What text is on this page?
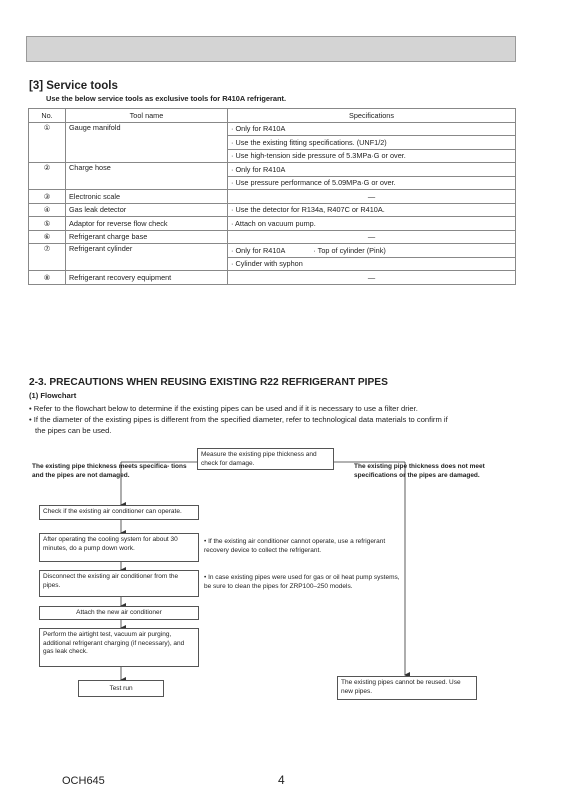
[3] Service tools
Use the below service tools as exclusive tools for R410A refrigerant.
No.	Tool name	Specifications
①	Gauge manifold	· Only for R410A
		· Use the existing fitting specifications. (UNF1/2)
		· Use high-tension side pressure of 5.3MPa·G or over.
②	Charge hose	· Only for R410A
		· Use pressure performance of 5.09MPa·G or over.
③	Electronic scale	—
④	Gas leak detector	· Use the detector for R134a, R407C or R410A.
⑤	Adaptor for reverse flow check	· Attach on vacuum pump.
⑥	Refrigerant charge base	—
⑦	Refrigerant cylinder	· Only for R410A · Top of cylinder (Pink)
		· Cylinder with syphon
⑧	Refrigerant recovery equipment	—
2-3. PRECAUTIONS WHEN REUSING EXISTING R22 REFRIGERANT PIPES
(1) Flowchart
• Refer to the flowchart below to determine if the existing pipes can be used and if it is necessary to use a filter drier.
• If the diameter of the existing pipes is different from the specified diameter, refer to technological data materials to confirm if
the pipes can be used.
Measure the existing pipe thickness and check for damage.
The existing pipe thickness meets specifica- tions and the pipes are not damaged.
The existing pipe thickness does not meet specifications or the pipes are damaged.
Check if the existing air conditioner can operate.
After operating the cooling system for about 30 minutes, do a pump down work.
Disconnect the existing air conditioner from the pipes.
Attach the new air conditioner
Perform the airtight test, vacuum air purging, additional refrigerant charging (if necessary), and gas leak check.
Test run
• If the existing air conditioner cannot operate, use a refrigerant recovery device to collect the refrigerant.
• In case existing pipes were used for gas or oil heat pump systems, be sure to clean the pipes for ZRP100–250 models.
The existing pipes cannot be reused. Use new pipes.
OCH645	4
